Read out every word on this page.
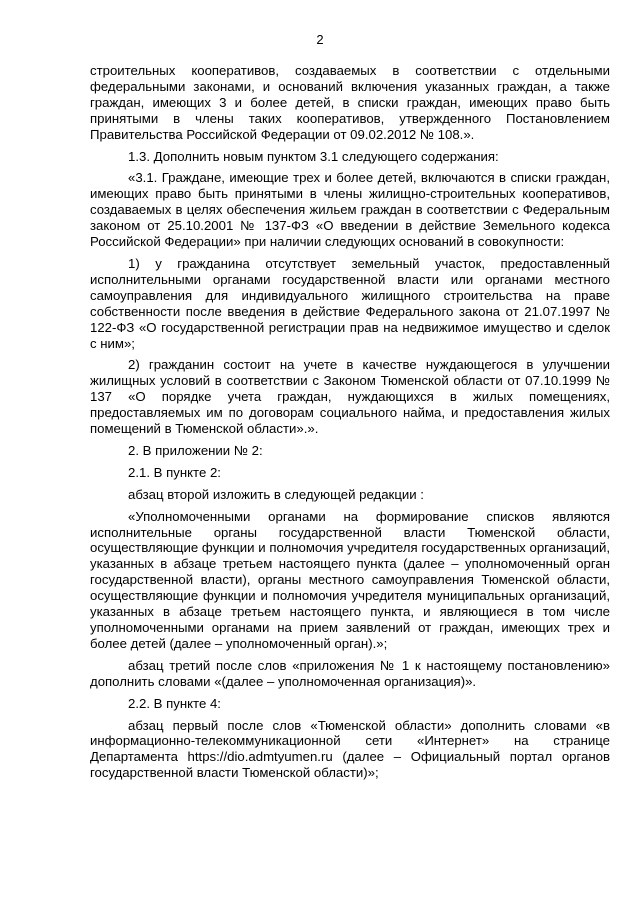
2

строительных кооперативов, создаваемых в соответствии с отдельными федеральными законами, и оснований включения указанных граждан, а также граждан, имеющих 3 и более детей, в списки граждан, имеющих право быть принятыми в члены таких кооперативов, утвержденного Постановлением Правительства Российской Федерации от 09.02.2012 № 108.».

1.3. Дополнить новым пунктом 3.1 следующего содержания:

«3.1. Граждане, имеющие трех и более детей, включаются в списки граждан, имеющих право быть принятыми в члены жилищно-строительных кооперативов, создаваемых в целях обеспечения жильем граждан в соответствии с Федеральным законом от 25.10.2001 № 137-ФЗ «О введении в действие Земельного кодекса Российской Федерации» при наличии следующих оснований в совокупности:

1) у гражданина отсутствует земельный участок, предоставленный исполнительными органами государственной власти или органами местного самоуправления для индивидуального жилищного строительства на праве собственности после введения в действие Федерального закона от 21.07.1997 № 122-ФЗ «О государственной регистрации прав на недвижимое имущество и сделок с ним»;

2) гражданин состоит на учете в качестве нуждающегося в улучшении жилищных условий в соответствии с Законом Тюменской области от 07.10.1999 № 137 «О порядке учета граждан, нуждающихся в жилых помещениях, предоставляемых им по договорам социального найма, и предоставления жилых помещений в Тюменской области».».

2. В приложении № 2:

2.1. В пункте 2:

абзац второй изложить в следующей редакции :

«Уполномоченными органами на формирование списков являются исполнительные органы государственной власти Тюменской области, осуществляющие функции и полномочия учредителя государственных организаций, указанных в абзаце третьем настоящего пункта (далее – уполномоченный орган государственной власти), органы местного самоуправления Тюменской области, осуществляющие функции и полномочия учредителя муниципальных организаций, указанных в абзаце третьем настоящего пункта, и являющиеся в том числе уполномоченными органами на прием заявлений от граждан, имеющих трех и более детей (далее – уполномоченный орган).»;

абзац третий после слов «приложения № 1 к настоящему постановлению» дополнить словами «(далее – уполномоченная организация)».

2.2. В пункте 4:

абзац первый после слов «Тюменской области» дополнить словами «в информационно-телекоммуникационной сети «Интернет» на странице Департамента https://dio.admtyumen.ru (далее – Официальный портал органов государственной власти Тюменской области)»;
